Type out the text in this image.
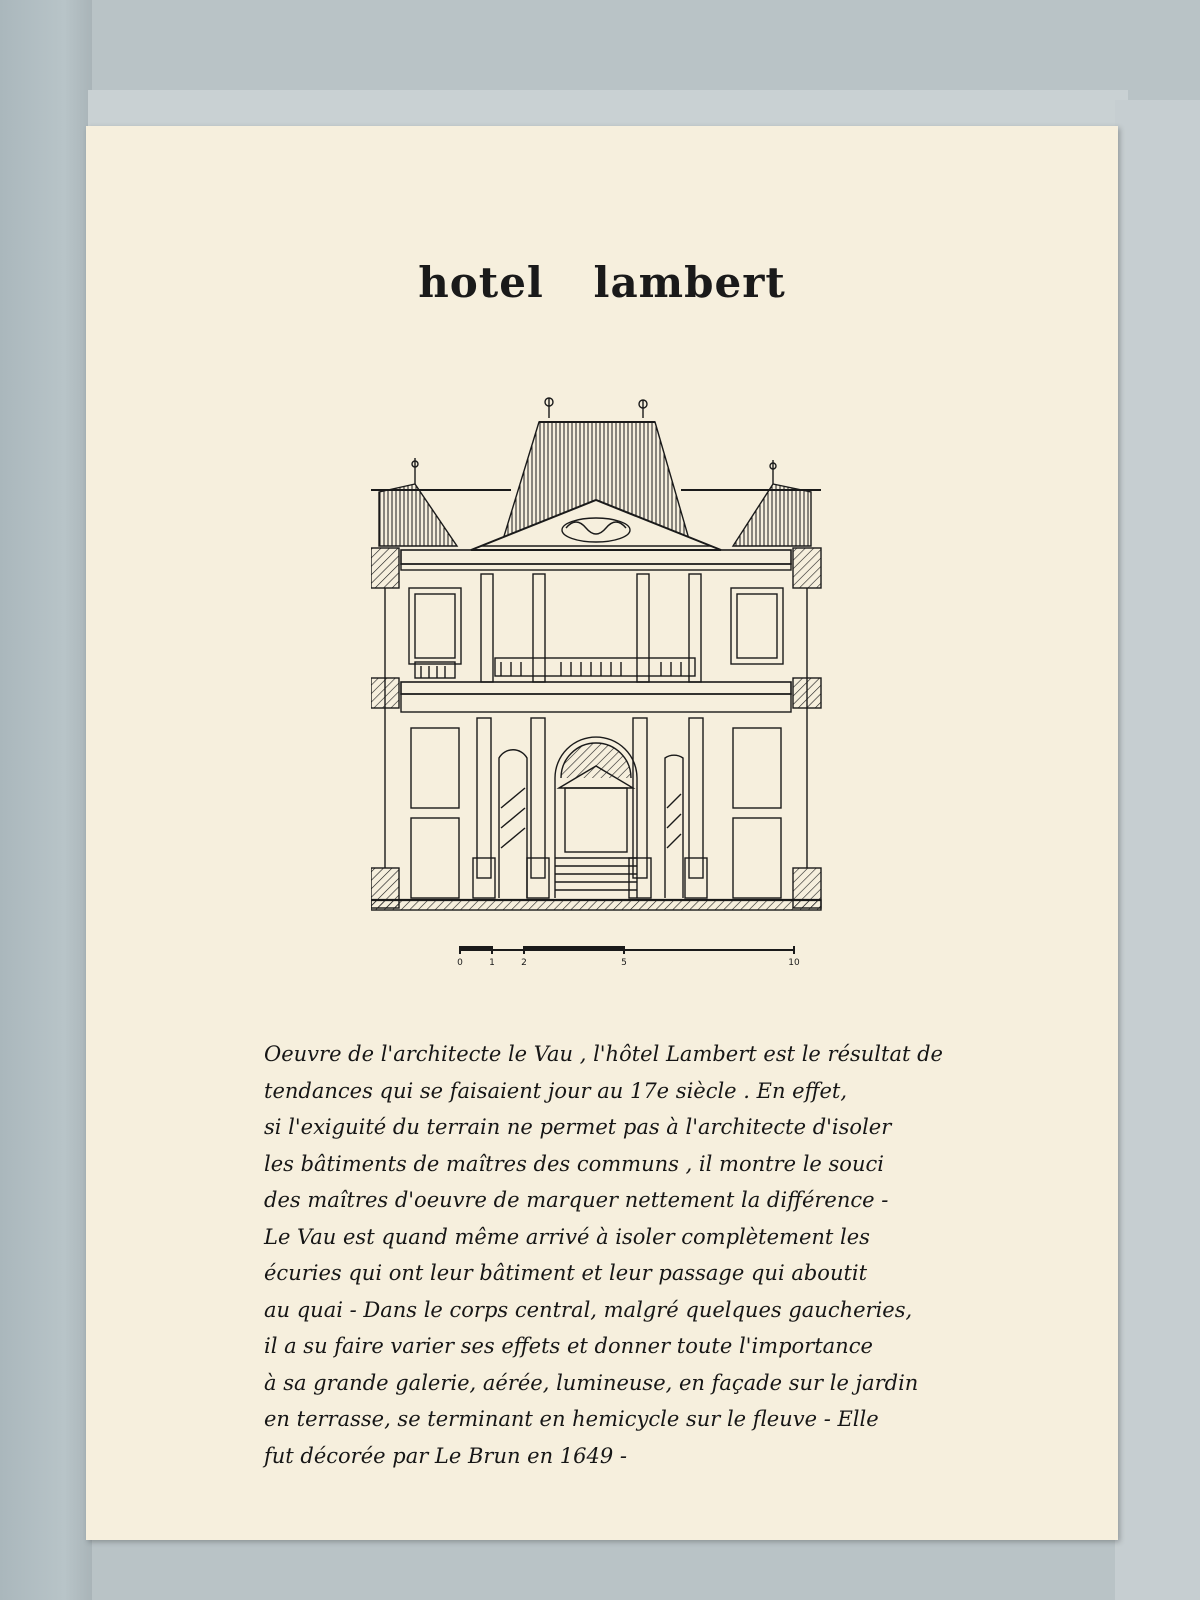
hotel lambert
0	1	2	5	10
Oeuvre de l'architecte le Vau , l'hôtel Lambert est le résultat de
tendances qui se faisaient jour au 17e siècle . En effet,
si l'exiguité du terrain ne permet pas à l'architecte d'isoler
les bâtiments de maîtres des communs , il montre le souci
des maîtres d'oeuvre de marquer nettement la différence -
Le Vau est quand même arrivé à isoler complètement les
écuries qui ont leur bâtiment et leur passage qui aboutit
au quai - Dans le corps central, malgré quelques gaucheries,
il a su faire varier ses effets et donner toute l'importance
à sa grande galerie, aérée, lumineuse, en façade sur le jardin
en terrasse, se terminant en hemicycle sur le fleuve - Elle
fut décorée par Le Brun en 1649 -
